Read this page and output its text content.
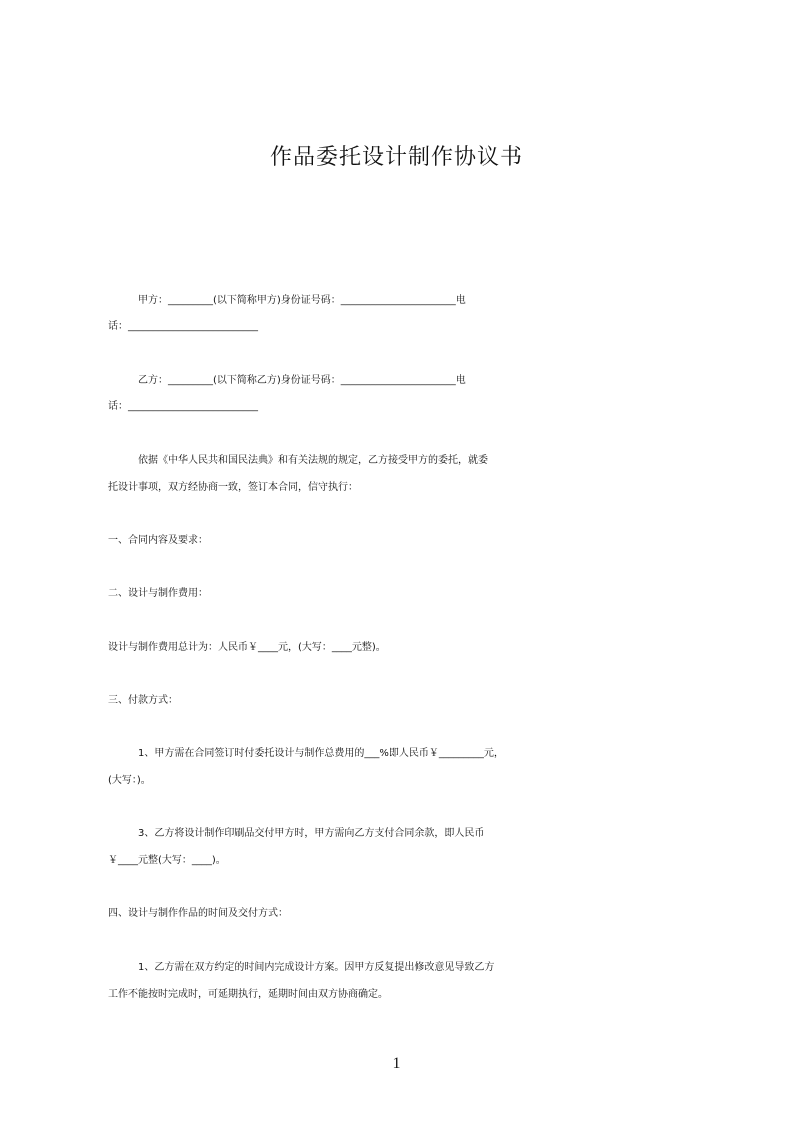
作品委托设计制作协议书

甲方：_________(以下简称甲方)身份证号码：_______________________电

话：__________________________

乙方：_________(以下简称乙方)身份证号码：_______________________电

话：__________________________

依据《中华人民共和国民法典》和有关法规的规定，乙方接受甲方的委托，就委

托设计事项，双方经协商一致，签订本合同，信守执行：

一、合同内容及要求：

二、设计与制作费用：

设计与制作费用总计为：人民币￥____元，(大写：____元整)。

三、付款方式：

1、甲方需在合同签订时付委托设计与制作总费用的___%即人民币￥_________元，

(大写：)。

3、乙方将设计制作印刷品交付甲方时，甲方需向乙方支付合同余款，即人民币

￥____元整(大写：____)。

四、设计与制作作品的时间及交付方式：

1、乙方需在双方约定的时间内完成设计方案。因甲方反复提出修改意见导致乙方

工作不能按时完成时，可延期执行，延期时间由双方协商确定。

1
